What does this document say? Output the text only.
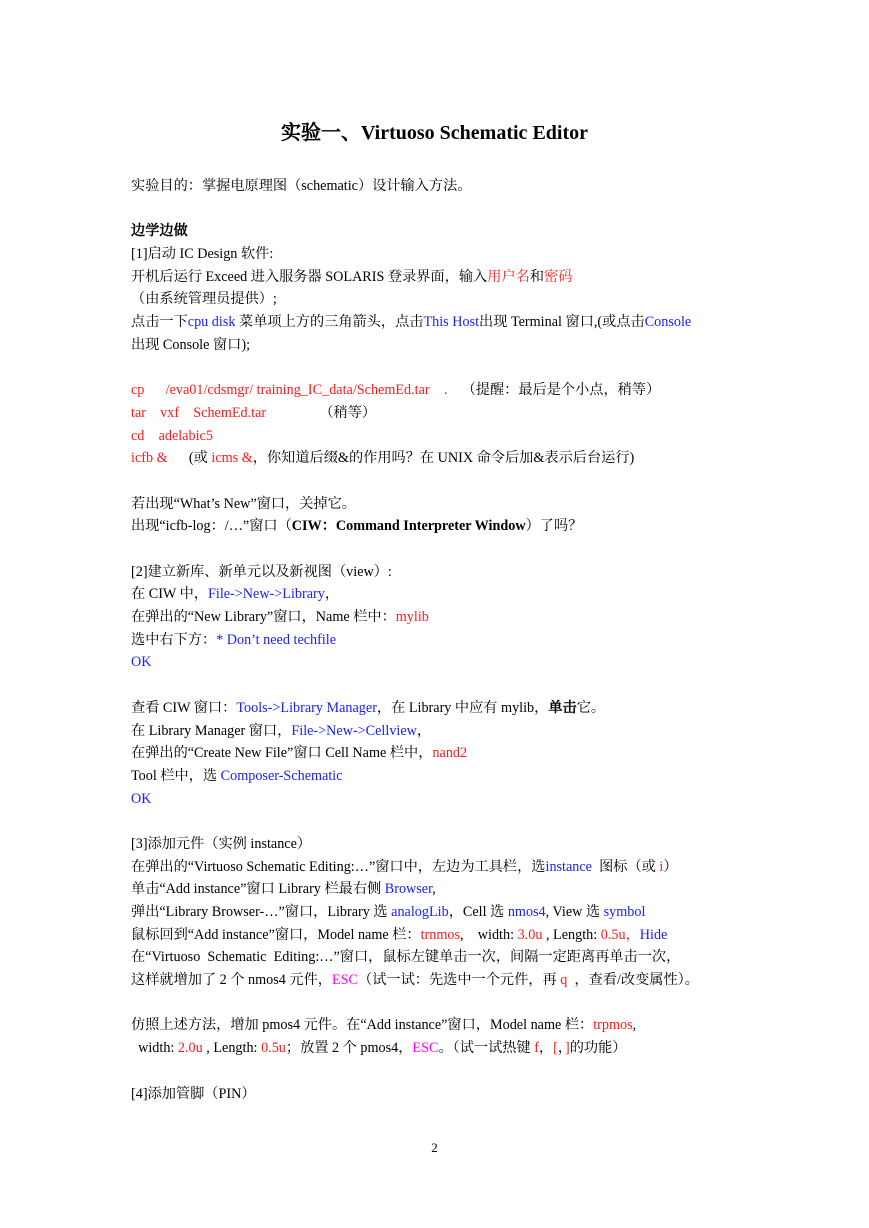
实验一、Virtuoso Schematic Editor
实验目的：掌握电原理图（schematic）设计输入方法。
边学边做
[1]启动 IC Design 软件:
开机后运行 Exceed 进入服务器 SOLARIS 登录界面，输入用户名和密码
（由系统管理员提供）;
点击一下cpu disk 菜单项上方的三角箭头，点击This Host出现 Terminal 窗口,(或点击Console
出现 Console 窗口);
cp      /eva01/cdsmgr/ training_IC_data/SchemEd.tar    .    （提醒：最后是个小点，稍等）
tar    vxf    SchemEd.tar               （稍等）
cd    adelabic5
icfb &      (或 icms &，你知道后缀&的作用吗？在 UNIX 命令后加&表示后台运行)
若出现“What’s New”窗口，关掉它。
出现“icfb-log：/…”窗口（CIW：Command Interpreter Window）了吗？
[2]建立新库、新单元以及新视图（view）:
在 CIW 中，File->New->Library，
在弹出的“New Library”窗口，Name 栏中：mylib
选中右下方：* Don’t need techfile
OK
查看 CIW 窗口：Tools->Library Manager，在 Library 中应有 mylib，单击它。
在 Library Manager 窗口，File->New->Cellview，
在弹出的“Create New File”窗口 Cell Name 栏中，nand2
Tool 栏中，选 Composer-Schematic
OK
[3]添加元件（实例 instance）
在弹出的“Virtuoso Schematic Editing:…”窗口中，左边为工具栏，选instance  图标（或 i）
单击“Add instance”窗口 Library 栏最右侧 Browser,
弹出“Library Browser-…”窗口，Library 选 analogLib，Cell 选 nmos4, View 选 symbol
鼠标回到“Add instance”窗口，Model name 栏：trnmos,    width: 3.0u , Length: 0.5u，Hide
在“Virtuoso  Schematic  Editing:…”窗口，鼠标左键单击一次，间隔一定距离再单击一次，
这样就增加了 2 个 nmos4 元件，ESC（试一试：先选中一个元件，再 q  ，查看/改变属性）。
仿照上述方法，增加 pmos4 元件。在“Add instance”窗口，Model name 栏：trpmos,
width: 2.0u , Length: 0.5u；放置 2 个 pmos4，ESC。（试一试热键 f，[，]的功能）
[4]添加管脚（PIN）
2
